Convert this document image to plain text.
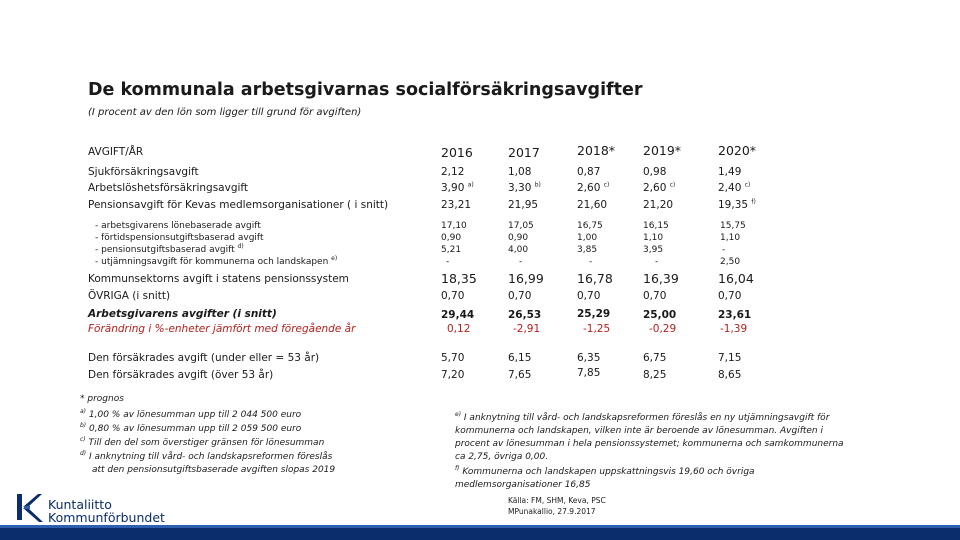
De kommunala arbetsgivarnas socialförsäkringsavgifter
(I procent av den lön som ligger till grund för avgiften)
AVGIFT/ÅR	2016	2017	2018* 2019*	2020*
Sjukförsäkringsavgift	2,12	1,08	0,87	0,98	1,49
Arbetslöshetsförsäkringsavgift	3,90 $^{a)}$	3,30 $^{b)}$	2,60 $^{c)}$	2,60 $^{c)}$	2,40 $^{c)}$
Pensionsavgift för Kevas medlemsorganisationer ( i snitt)	23,21	21,95	21,60	21,20	19,35 $^{f)}$
- arbetsgivarens lönebaserade avgift	17,10	17,05	16,75	16,15	15,75
- förtidspensionsutgiftsbaserad avgift	0,90	0,90	1,00	1,10	1,10
- pensionsutgiftsbaserad avgift $^{d)}$	5,21	4,00	3,85	3,95	-
- utjämningsavgift för kommunerna och landskapen $^{e)}$	-	-	-	-	2,50
Kommunsektorns avgift i statens pensionssystem	18,35 16,99	16,78 16,39	16,04
ÖVRIGA (i snitt)	0,70	0,70	0,70	0,70	0,70
Arbetsgivarens avgifter (i snitt)	29,44	26,53	25,29	25,00	23,61
Förändring i %-enheter jämfört med föregående år	0,12	-2,91	-1,25	-0,29	-1,39
Den försäkrades avgift (under eller = 53 år)	5,70	6,15	6,35	6,75	7,15
Den försäkrades avgift (över 53 år)	7,20	7,65	7,85	8,25	8,65
* prognos
$^{a)}$ 1,00 % av lönesumman upp till 2 044 500 euro
$^{b)}$ 0,80 % av lönesumman upp till 2 059 500 euro
$^{c)}$ Till den del som överstiger gränsen för lönesumman
$^{d)}$ I anknytning till vård- och landskapsreformen föreslås
att den pensionsutgiftsbaserade avgiften slopas 2019
$^{e)}$ I anknytning till vård- och landskapsreformen föreslås en ny utjämningsavgift för
kommunerna och landskapen, vilken inte är beroende av lönesumman. Avgiften i
procent av lönesumman i hela pensionssystemet; kommunerna och samkommunerna
ca 2,75, övriga 0,00.
$^{f)}$ Kommunerna och landskapen uppskattningsvis 19,60 och övriga
medlemsorganisationer 16,85
Källa: FM, SHM, Keva, PSC
MPunakallio, 27.9.2017
Kuntaliitto
Kommunförbundet
